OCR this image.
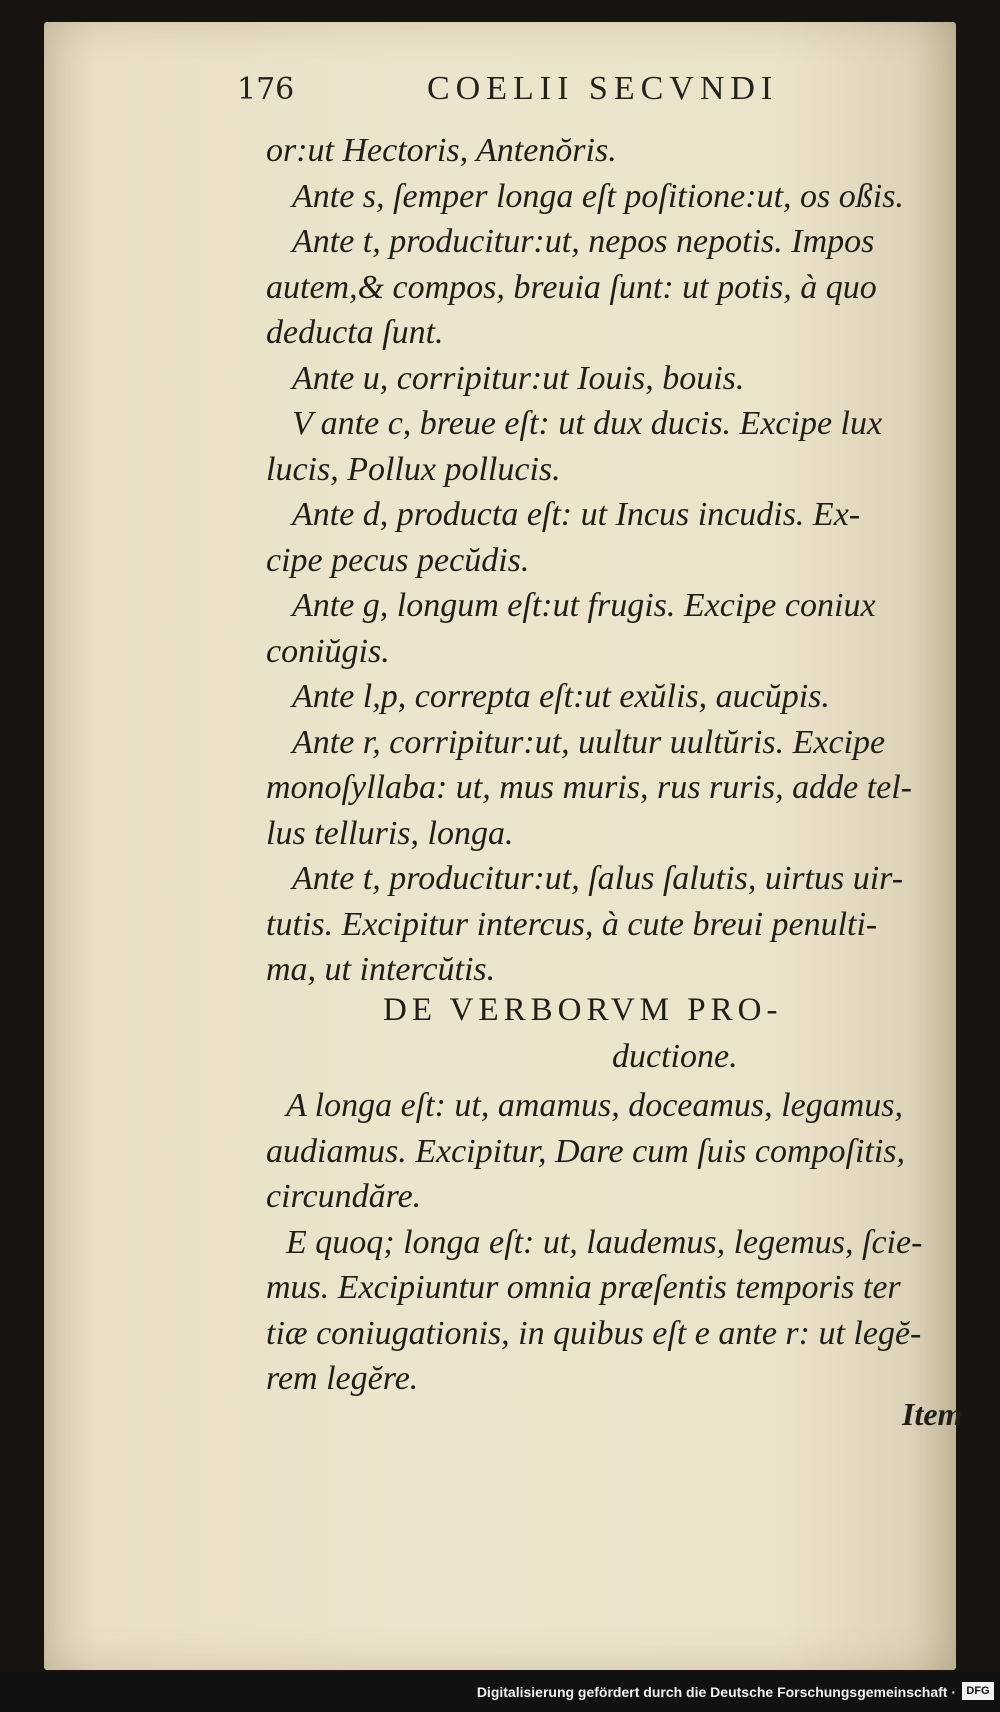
176	COELII SECVNDI
or:ut Hectoris, Antenŏris.
Ante s, ſemper longa eſt poſitione:ut, os oßis.
Ante t, producitur:ut, nepos nepotis. Impos
autem,& compos, breuia ſunt: ut potis, à quo
deducta ſunt.
Ante u, corripitur:ut Iouis, bouis.
V ante c, breue eſt: ut dux ducis. Excipe lux
lucis, Pollux pollucis.
Ante d, producta eſt: ut Incus incudis. Ex-
cipe pecus pecŭdis.
Ante g, longum eſt:ut frugis. Excipe coniux
coniŭgis.
Ante l,p, correpta eſt:ut exŭlis, aucŭpis.
Ante r, corripitur:ut, uultur uultŭris. Excipe
monoſyllaba: ut, mus muris, rus ruris, adde tel-
lus telluris, longa.
Ante t, producitur:ut, ſalus ſalutis, uirtus uir-
tutis. Excipitur intercus, à cute breui penulti-
ma, ut intercŭtis.
DE VERBORVM PRO-
ductione.
A longa eſt: ut, amamus, doceamus, legamus,
audiamus. Excipitur, Dare cum ſuis compoſitis,
circundăre.
E quoq; longa eſt: ut, laudemus, legemus, ſcie-
mus. Excipiuntur omnia præſentis temporis ter
tiæ coniugationis, in quibus eſt e ante r: ut legĕ-
rem legĕre.
Item
Digitalisierung gefördert durch die Deutsche Forschungsgemeinschaft · DFG
